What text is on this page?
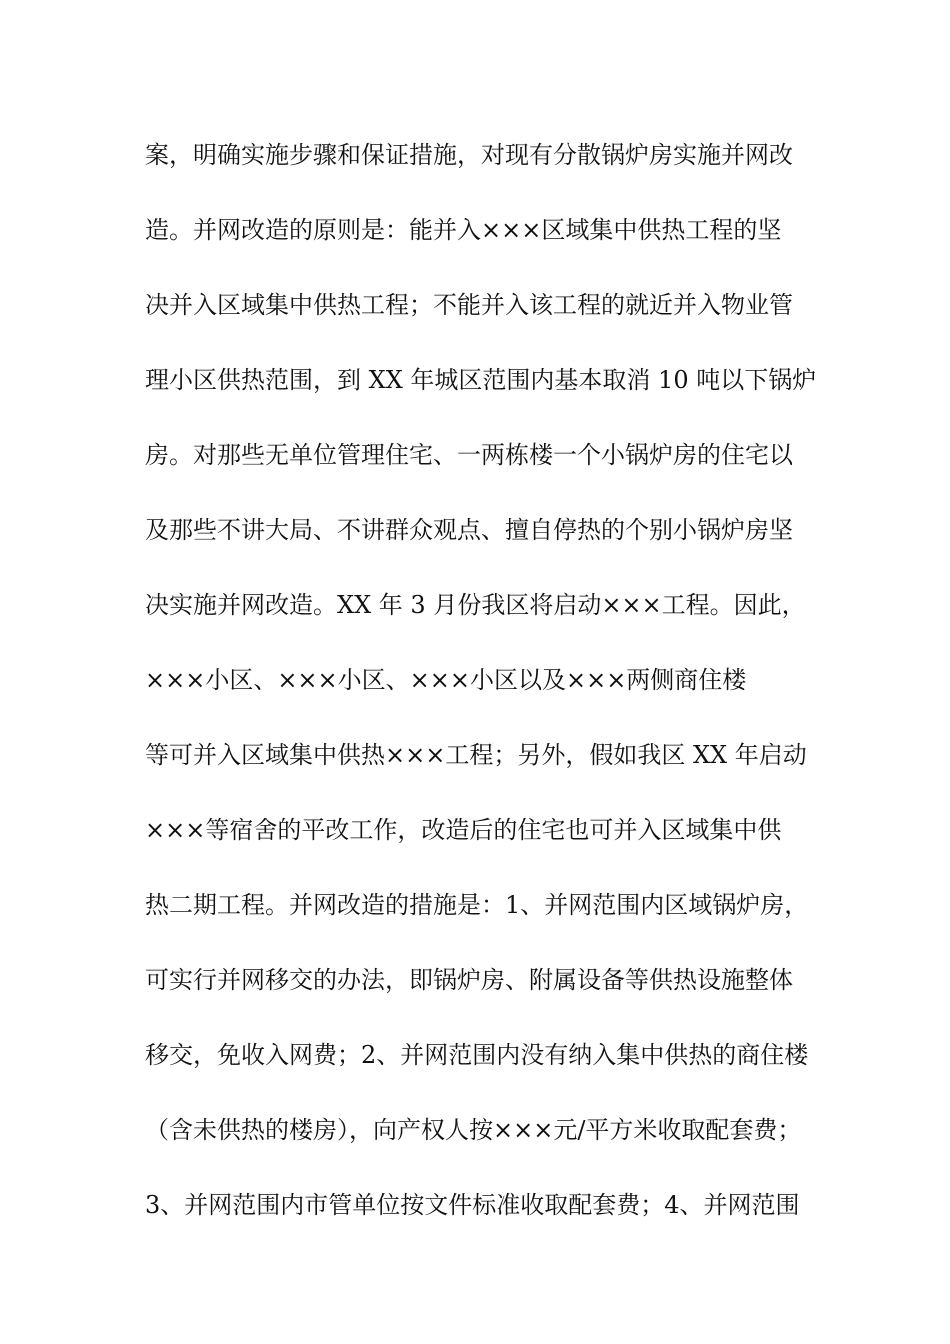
案，明确实施步骤和保证措施，对现有分散锅炉房实施并网改
造。并网改造的原则是：能并入×××区域集中供热工程的坚
决并入区域集中供热工程；不能并入该工程的就近并入物业管
理小区供热范围，到 XX 年城区范围内基本取消 10 吨以下锅炉
房。对那些无单位管理住宅、一两栋楼一个小锅炉房的住宅以
及那些不讲大局、不讲群众观点、擅自停热的个别小锅炉房坚
决实施并网改造。XX 年 3 月份我区将启动×××工程。因此，
×××小区、×××小区、×××小区以及×××两侧商住楼
等可并入区域集中供热×××工程；另外，假如我区 XX 年启动
×××等宿舍的平改工作，改造后的住宅也可并入区域集中供
热二期工程。并网改造的措施是：1、并网范围内区域锅炉房，
可实行并网移交的办法，即锅炉房、附属设备等供热设施整体
移交，免收入网费；2、并网范围内没有纳入集中供热的商住楼
（含未供热的楼房），向产权人按×××元/平方米收取配套费；
3、并网范围内市管单位按文件标准收取配套费；4、并网范围
